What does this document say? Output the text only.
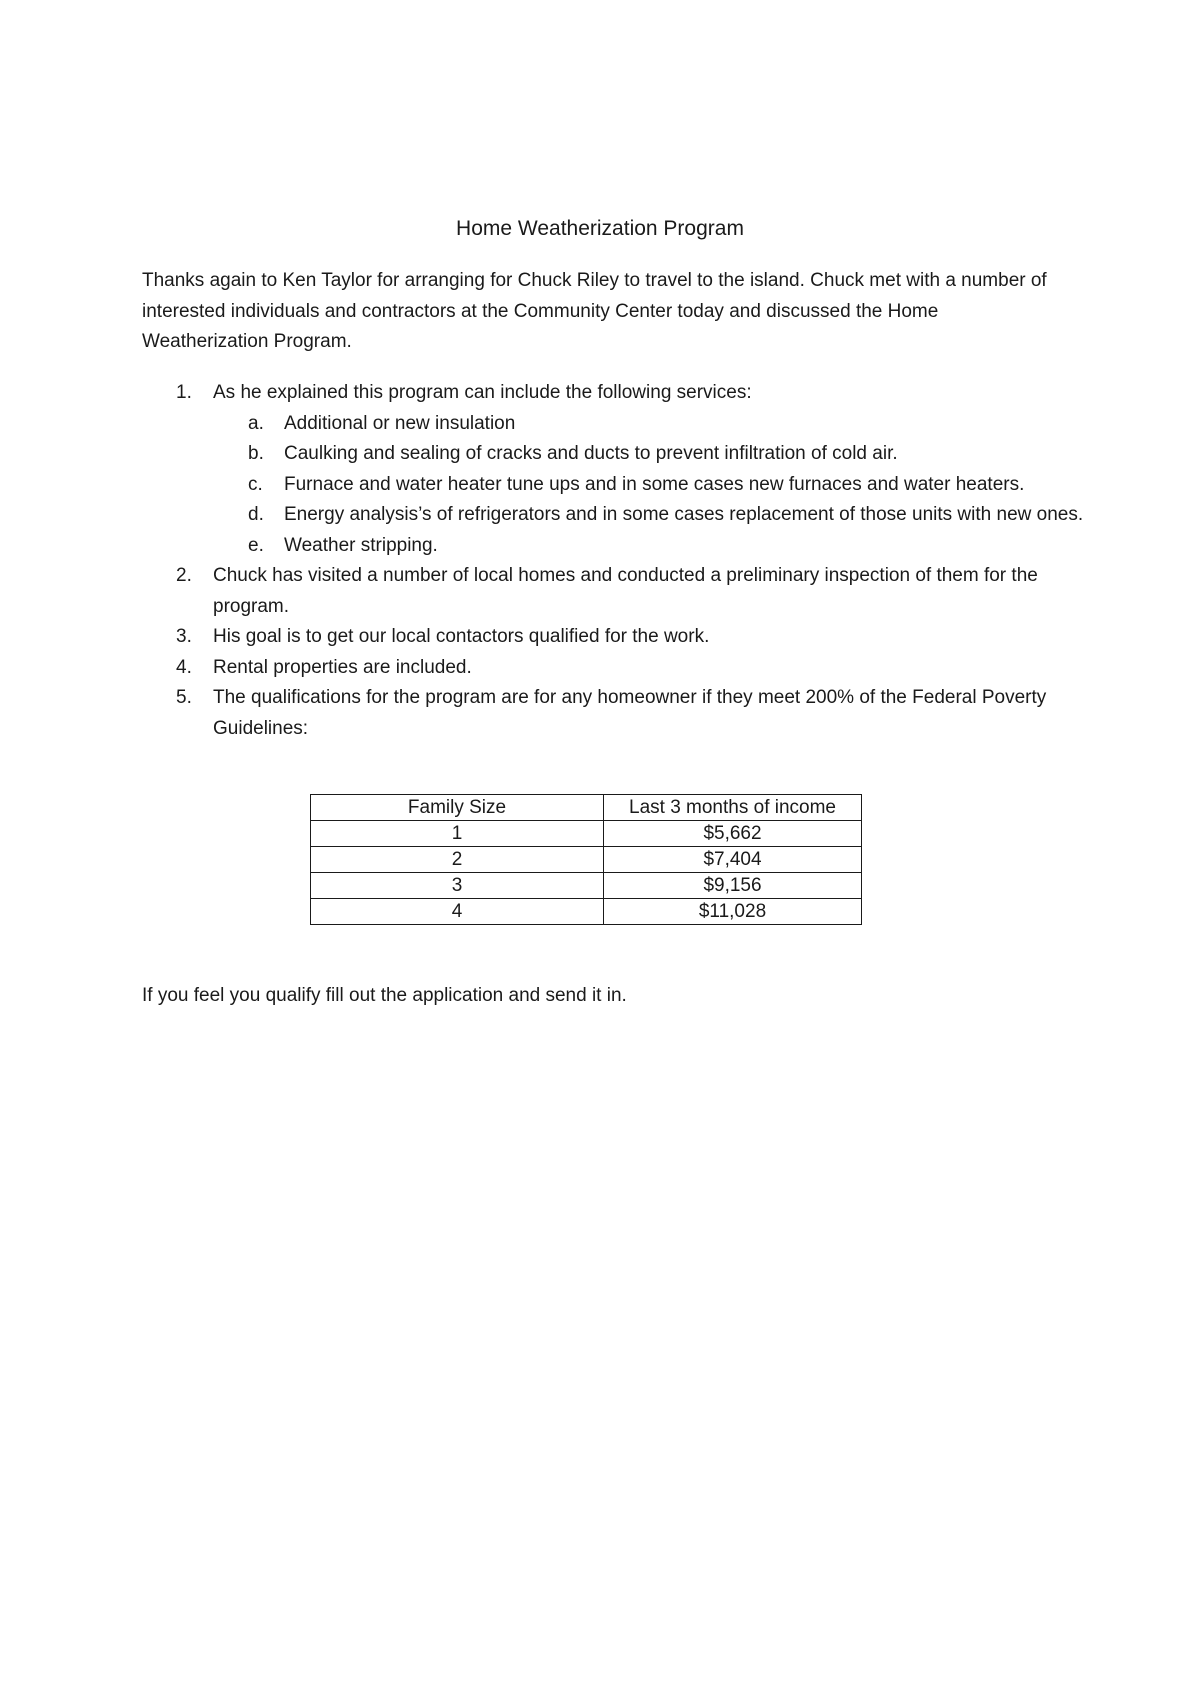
Home Weatherization Program

Thanks again to Ken Taylor for arranging for Chuck Riley to travel to the island. Chuck met with a number of interested individuals and contractors at the Community Center today and discussed the Home Weatherization Program.

1. As he explained this program can include the following services:
a. Additional or new insulation
b. Caulking and sealing of cracks and ducts to prevent infiltration of cold air.
c. Furnace and water heater tune ups and in some cases new furnaces and water heaters.
d. Energy analysis’s of refrigerators and in some cases replacement of those units with new ones.
e. Weather stripping.
2. Chuck has visited a number of local homes and conducted a preliminary inspection of them for the program.
3. His goal is to get our local contactors qualified for the work.
4. Rental properties are included.
5. The qualifications for the program are for any homeowner if they meet 200% of the Federal Poverty Guidelines:
Family Size	Last 3 months of income
1	$5,662
2	$7,404
3	$9,156
4	$11,028

If you feel you qualify fill out the application and send it in.
